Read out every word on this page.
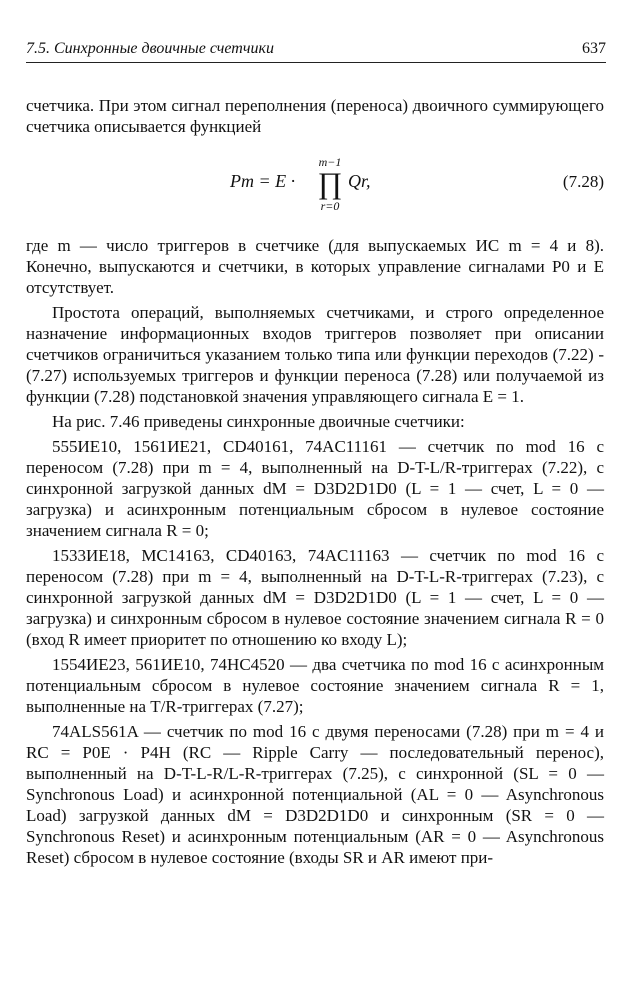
7.5. Синхронные двоичные счетчики	637

счетчика. При этом сигнал переполнения (переноса) двоичного суммирующего счетчика описывается функцией

Pm = E ·
m−1
∏
r=0
Qr,	(7.28)

где m — число триггеров в счетчике (для выпускаемых ИС m = 4 и 8). Конечно, выпускаются и счетчики, в которых управление сигналами P0 и E отсутствует.

Простота операций, выполняемых счетчиками, и строго определенное назначение информационных входов триггеров позволяет при описании счетчиков ограничиться указанием только типа или функции переходов (7.22) - (7.27) используемых триггеров и функции переноса (7.28) или получаемой из функции (7.28) подстановкой значения управляющего сигнала E = 1.

На рис. 7.46 приведены синхронные двоичные счетчики:

555ИЕ10, 1561ИЕ21, CD40161, 74AC11161 — счетчик по mod 16 с переносом (7.28) при m = 4, выполненный на D-T-L/R-триггерах (7.22), с синхронной загрузкой данных dM = D3D2D1D0 (L = 1 — счет, L = 0 — загрузка) и асинхронным потенциальным сбросом в нулевое состояние значением сигнала R = 0;

1533ИЕ18, MC14163, CD40163, 74AC11163 — счетчик по mod 16 с переносом (7.28) при m = 4, выполненный на D-T-L-R-триггерах (7.23), с синхронной загрузкой данных dM = D3D2D1D0 (L = 1 — счет, L = 0 — загрузка) и синхронным сбросом в нулевое состояние значением сигнала R = 0 (вход R имеет приоритет по отношению ко входу L);

1554ИЕ23, 561ИЕ10, 74HC4520 — два счетчика по mod 16 с асинхронным потенциальным сбросом в нулевое состояние значением сигнала R = 1, выполненные на T/R-триггерах (7.27);

74ALS561A — счетчик по mod 16 с двумя переносами (7.28) при m = 4 и RC = P0E · P4H (RC — Ripple Carry — последовательный перенос), выполненный на D-T-L-R/L-R-триггерах (7.25), с синхронной (SL = 0 — Synchronous Load) и асинхронной потенциальной (AL = 0 — Asynchronous Load) загрузкой данных dM = D3D2D1D0 и синхронным (SR = 0 — Synchronous Reset) и асинхронным потенциальным (AR = 0 — Asynchronous Reset) сбросом в нулевое состояние (входы SR и AR имеют при-
